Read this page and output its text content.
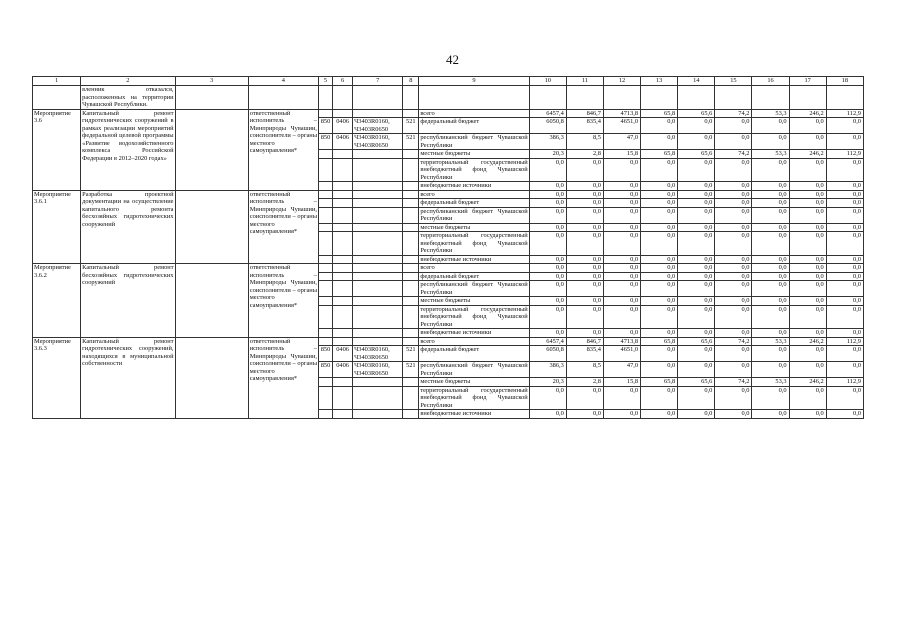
42
1	2	3	4	5	6	7	8	9	10	11	12	13	14	15	16	17	18
	вленник отказался, расположенных на территории Чувашской Республики.																
Мероприятие 3.6	Капитальный ремонт гидротехнических сооружений в рамках реализации мероприятий федеральной целевой программы «Развитие водохозяйственного комплекса Российской Федерации в 2012–2020 годах»		ответственный исполнитель – Минприроды Чувашии, соисполнители – органы местного самоуправления*					всего	6457,4	846,7	4713,8	65,8	65,6	74,2	53,3	246,2	112,9
				850	0406	Ч3403R0160, Ч3403R0650	521	федеральный бюджет	6050,8	835,4	4651,0	0,0	0,0	0,0	0,0	0,0	0,0
				850	0406	Ч3403R0160, Ч3403R0650	521	республиканский бюджет Чувашской Республики	386,3	8,5	47,0	0,0	0,0	0,0	0,0	0,0	0,0
								местные бюджеты	20,3	2,8	15,8	65,8	65,6	74,2	53,3	246,2	112,9
								территориальный государственный внебюджетный фонд Чувашской Республики	0,0	0,0	0,0	0,0	0,0	0,0	0,0	0,0	0,0
								внебюджетные источники	0,0	0,0	0,0	0,0	0,0	0,0	0,0	0,0	0,0
Мероприятие 3.6.1	Разработка проектной документации на осуществление капитального ремонта бесхозяйных гидротехнических сооружений		ответственный исполнитель – Минприроды Чувашии, соисполнители – органы местного самоуправления*					всего	0,0	0,0	0,0	0,0	0,0	0,0	0,0	0,0	0,0
								федеральный бюджет	0,0	0,0	0,0	0,0	0,0	0,0	0,0	0,0	0,0
								республиканский бюджет Чувашской Республики	0,0	0,0	0,0	0,0	0,0	0,0	0,0	0,0	0,0
								местные бюджеты	0,0	0,0	0,0	0,0	0,0	0,0	0,0	0,0	0,0
								территориальный государственный внебюджетный фонд Чувашской Республики	0,0	0,0	0,0	0,0	0,0	0,0	0,0	0,0	0,0
								внебюджетные источники	0,0	0,0	0,0	0,0	0,0	0,0	0,0	0,0	0,0
Мероприятие 3.6.2	Капитальный ремонт бесхозяйных гидротехнических сооружений		ответственный исполнитель – Минприроды Чувашии, соисполнители – органы местного самоуправления*					всего	0,0	0,0	0,0	0,0	0,0	0,0	0,0	0,0	0,0
								федеральный бюджет	0,0	0,0	0,0	0,0	0,0	0,0	0,0	0,0	0,0
								республиканский бюджет Чувашской Республики	0,0	0,0	0,0	0,0	0,0	0,0	0,0	0,0	0,0
								местные бюджеты	0,0	0,0	0,0	0,0	0,0	0,0	0,0	0,0	0,0
								территориальный государственный внебюджетный фонд Чувашской Республики	0,0	0,0	0,0	0,0	0,0	0,0	0,0	0,0	0,0
								внебюджетные источники	0,0	0,0	0,0	0,0	0,0	0,0	0,0	0,0	0,0
Мероприятие 3.6.3	Капитальный ремонт гидротехнических сооружений, находящихся в муниципальной собственности		ответственный исполнитель – Минприроды Чувашии, соисполнители – органы местного самоуправления*					всего	6457,4	846,7	4713,8	65,8	65,6	74,2	53,3	246,2	112,9
				850	0406	Ч3403R0160, Ч3403R0650	521	федеральный бюджет	6050,8	835,4	4651,0	0,0	0,0	0,0	0,0	0,0	0,0
				850	0406	Ч3403R0160, Ч3403R0650	521	республиканский бюджет Чувашской Республики	386,3	8,5	47,0	0,0	0,0	0,0	0,0	0,0	0,0
								местные бюджеты	20,3	2,8	15,8	65,8	65,6	74,2	53,3	246,2	112,9
								территориальный государственный внебюджетный фонд Чувашской Республики	0,0	0,0	0,0	0,0	0,0	0,0	0,0	0,0	0,0
								внебюджетные источники	0,0	0,0	0,0	0,0	0,0	0,0	0,0	0,0	0,0
